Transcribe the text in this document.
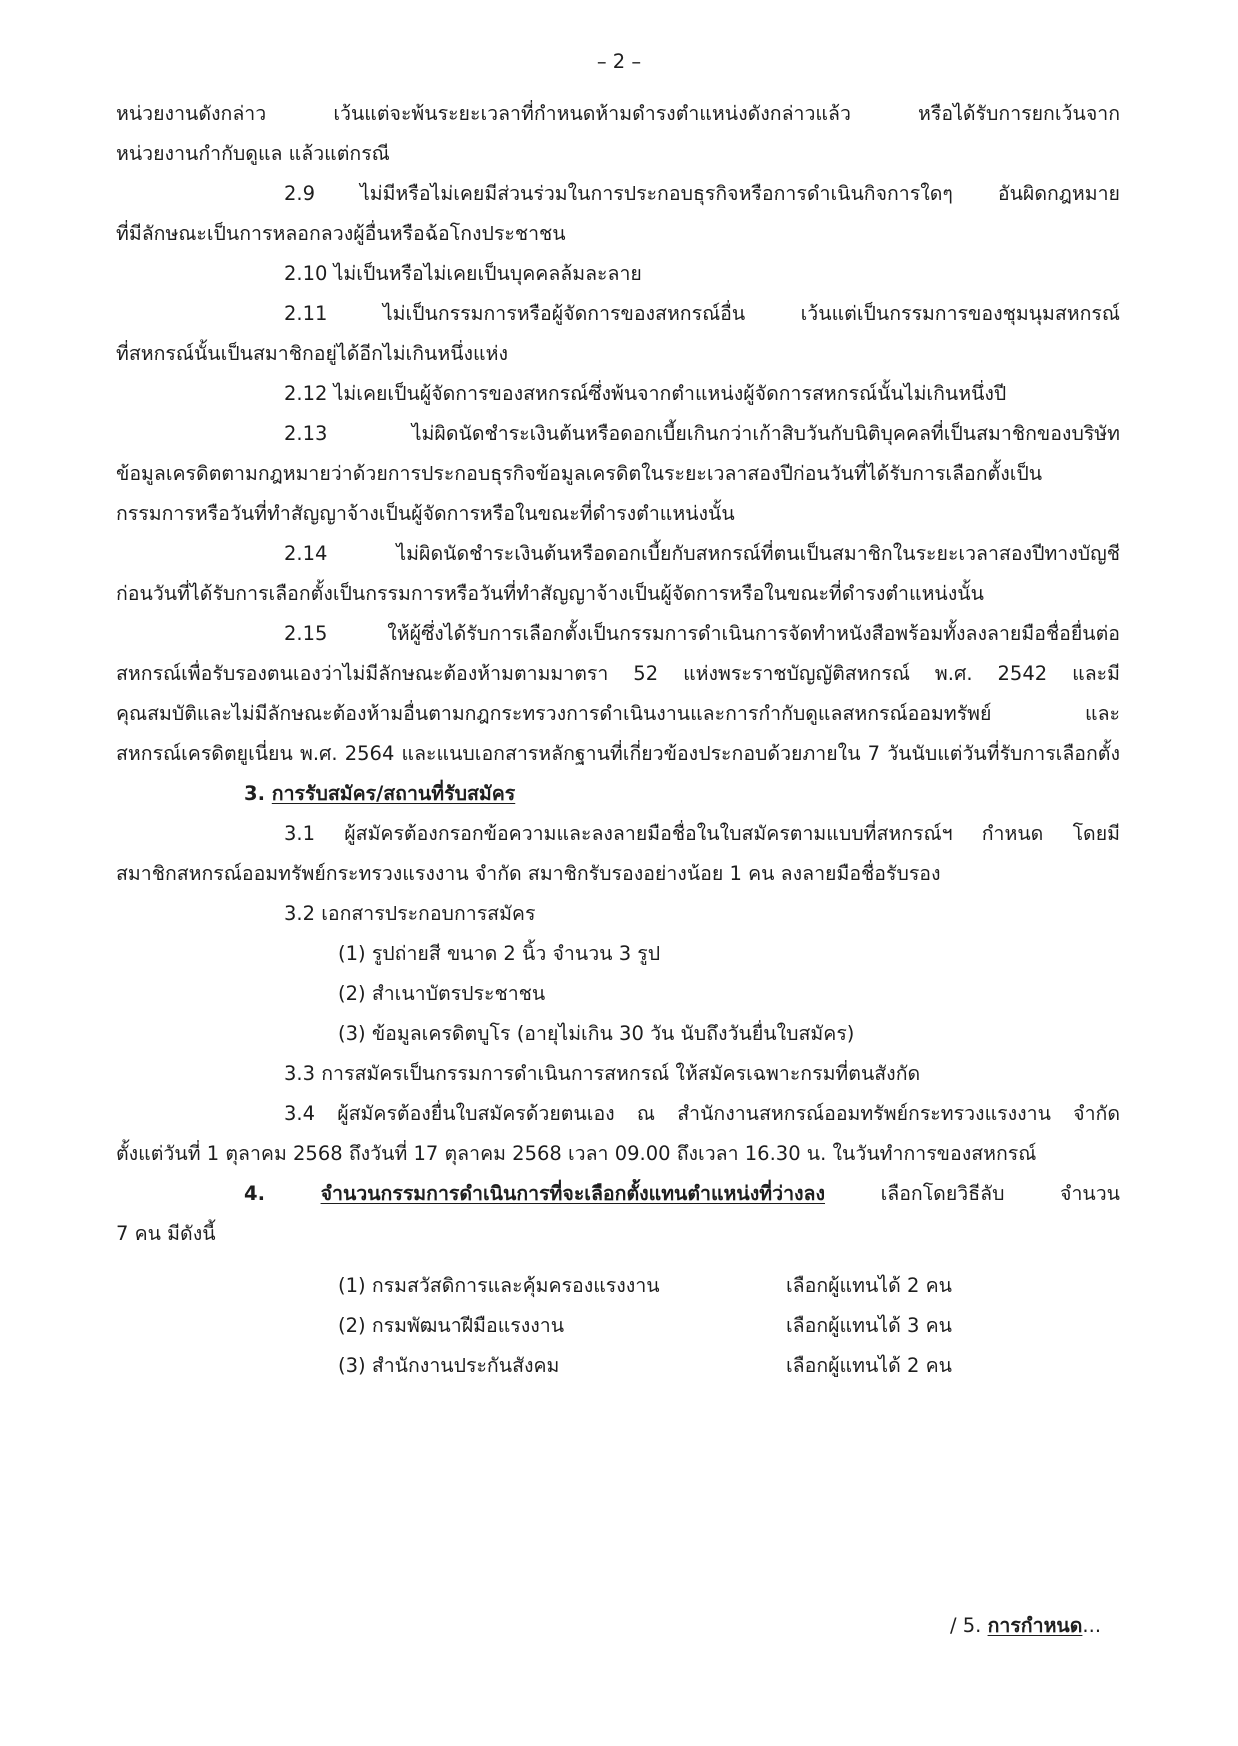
– 2 –

หน่วยงานดังกล่าว เว้นแต่จะพ้นระยะเวลาที่กำหนดห้ามดำรงตำแหน่งดังกล่าวแล้ว หรือได้รับการยกเว้นจาก

หน่วยงานกำกับดูแล แล้วแต่กรณี

2.9 ไม่มีหรือไม่เคยมีส่วนร่วมในการประกอบธุรกิจหรือการดำเนินกิจการใดๆ อันผิดกฎหมาย

ที่มีลักษณะเป็นการหลอกลวงผู้อื่นหรือฉ้อโกงประชาชน

2.10 ไม่เป็นหรือไม่เคยเป็นบุคคลล้มละลาย

2.11 ไม่เป็นกรรมการหรือผู้จัดการของสหกรณ์อื่น เว้นแต่เป็นกรรมการของชุมนุมสหกรณ์

ที่สหกรณ์นั้นเป็นสมาชิกอยู่ได้อีกไม่เกินหนึ่งแห่ง

2.12 ไม่เคยเป็นผู้จัดการของสหกรณ์ซึ่งพ้นจากตำแหน่งผู้จัดการสหกรณ์นั้นไม่เกินหนึ่งปี

2.13 ไม่ผิดนัดชำระเงินต้นหรือดอกเบี้ยเกินกว่าเก้าสิบวันกับนิติบุคคลที่เป็นสมาชิกของบริษัท

ข้อมูลเครดิตตามกฎหมายว่าด้วยการประกอบธุรกิจข้อมูลเครดิตในระยะเวลาสองปีก่อนวันที่ได้รับการเลือกตั้งเป็น

กรรมการหรือวันที่ทำสัญญาจ้างเป็นผู้จัดการหรือในขณะที่ดำรงตำแหน่งนั้น

2.14 ไม่ผิดนัดชำระเงินต้นหรือดอกเบี้ยกับสหกรณ์ที่ตนเป็นสมาชิกในระยะเวลาสองปีทางบัญชี

ก่อนวันที่ได้รับการเลือกตั้งเป็นกรรมการหรือวันที่ทำสัญญาจ้างเป็นผู้จัดการหรือในขณะที่ดำรงตำแหน่งนั้น

2.15 ให้ผู้ซึ่งได้รับการเลือกตั้งเป็นกรรมการดำเนินการจัดทำหนังสือพร้อมทั้งลงลายมือชื่อยื่นต่อ

สหกรณ์เพื่อรับรองตนเองว่าไม่มีลักษณะต้องห้ามตามมาตรา 52 แห่งพระราชบัญญัติสหกรณ์ พ.ศ. 2542 และมี

คุณสมบัติและไม่มีลักษณะต้องห้ามอื่นตามกฎกระทรวงการดำเนินงานและการกำกับดูแลสหกรณ์ออมทรัพย์ และ

สหกรณ์เครดิตยูเนี่ยน พ.ศ. 2564 และแนบเอกสารหลักฐานที่เกี่ยวข้องประกอบด้วยภายใน 7 วันนับแต่วันที่รับการเลือกตั้ง

3. การรับสมัคร/สถานที่รับสมัคร

3.1 ผู้สมัครต้องกรอกข้อความและลงลายมือชื่อในใบสมัครตามแบบที่สหกรณ์ฯ กำหนด โดยมี

สมาชิกสหกรณ์ออมทรัพย์กระทรวงแรงงาน จำกัด สมาชิกรับรองอย่างน้อย 1 คน ลงลายมือชื่อรับรอง

3.2 เอกสารประกอบการสมัคร

(1) รูปถ่ายสี ขนาด 2 นิ้ว จำนวน 3 รูป

(2) สำเนาบัตรประชาชน

(3) ข้อมูลเครดิตบูโร (อายุไม่เกิน 30 วัน นับถึงวันยื่นใบสมัคร)

3.3 การสมัครเป็นกรรมการดำเนินการสหกรณ์ ให้สมัครเฉพาะกรมที่ตนสังกัด

3.4 ผู้สมัครต้องยื่นใบสมัครด้วยตนเอง ณ สำนักงานสหกรณ์ออมทรัพย์กระทรวงแรงงาน จำกัด

ตั้งแต่วันที่ 1 ตุลาคม 2568 ถึงวันที่ 17 ตุลาคม 2568 เวลา 09.00 ถึงเวลา 16.30 น. ในวันทำการของสหกรณ์

4.	จำนวนกรรมการดำเนินการที่จะเลือกตั้งแทนตำแหน่งที่ว่างลง เลือกโดยวิธีลับ จำนวน

7 คน มีดังนี้

(1) กรมสวัสดิการและคุ้มครองแรงงาน	เลือกผู้แทนได้ 2 คน
(2) กรมพัฒนาฝีมือแรงงาน	เลือกผู้แทนได้ 3 คน
(3) สำนักงานประกันสังคม	เลือกผู้แทนได้ 2 คน
/ 5. การกำหนด...
